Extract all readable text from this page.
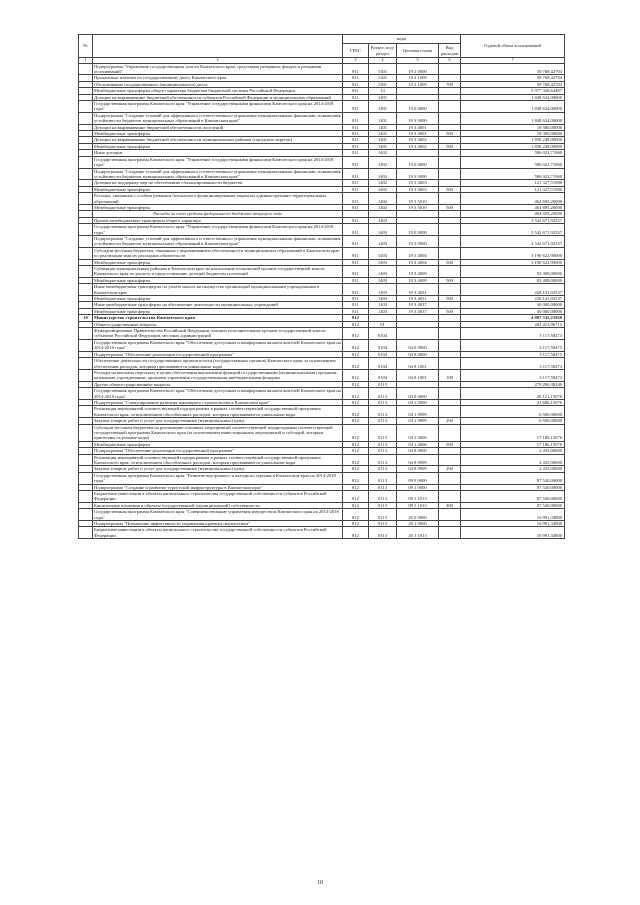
№		коды				Годовой объем ассигнований
		ГРБС	Раздел, под-раздел	Целевая статья	Вид расходов	
1	2	3	4	5	6	7
	Подпрограмма "Управление государственным долгом Камчатского края, средствами резервных фондов и резервами ассигнований"	811	1301	19 2 0000		39 768,42704
	Процентные платежи по государственному долгу Камчатского края	811	1301	19 2 1009		39 768,42704
	Обслуживание государственного (муниципального) долга	811	1301	19 2 1009	700	39 768,42704
	Межбюджетные трансферты общего характера бюджетам бюджетной системы Российской Федерации	811	14			5 977 328,64497
	Дотации на выравнивание бюджетной обеспеченности субъектов Российской Федерации и муниципальных образований	811	1401			1 848 634,00000
	Государственная программа Камчатского края "Управление государственными финансами Камчатского края на 2014-2018 годы"	811	1401	19 0 0000		1 848 634,00000
	Подпрограмма "Создание условий для эффективного и ответственного управления муниципальными финансами, повышения устойчивости бюджетов муниципальных образований в Камчатском крае"	811	1401	19 3 0000		1 848 634,00000
	Дотации на выравнивание бюджетной обеспеченности поселений	811	1401	19 3 4001		18 386,00000
	Межбюджетные трансферты	811	1401	19 3 4001	500	18 386,00000
	Дотации на выравнивание бюджетной обеспеченности муниципальных районов (городских округов)	811	1401	19 3 4002		1 830 248,00000
	Межбюджетные трансферты	811	1401	19 3 4002	500	1 830 248,00000
	Иные дотации	811	1402			586 022,71960
	Государственная программа Камчатского края "Управление государственными финансами Камчатского края на 2014-2018 годы"	811	1402	19 0 0000		586 022,71960
	Подпрограмма "Создание условий для эффективного и ответственного управления муниципальными финансами, повышения устойчивости бюджетов муниципальных образований в Камчатском крае"	811	1402	19 3 0000		586 022,71960
	Дотации на поддержку мер по обеспечению сбалансированности бюджетов	811	1402	19 3 4003		121 327,51980
	Межбюджетные трансферты	811	1402	19 3 4003	500	121 327,51980
	Расходы, связанные с особым режимом безопасного функционирования закрытых административно-территориальных образований	811	1402	19 3 5010		464 695,20000
	Межбюджетные трансферты	811	1402	19 3 5010	500	464 695,20000
	Расходы за счет средств федерального бюджета текущего года					464 695,20000
	Прочие межбюджетные трансферты общего характера	811	1403			3 542 671,92537
	Государственная программа Камчатского края "Управление государственными финансами Камчатского края на 2014-2018 годы"	811	1403	19 0 0000		3 542 671,92537
	Подпрограмма "Создание условий для эффективного и ответственного управления муниципальными финансами, повышения устойчивости бюджетов муниципальных образований в Камчатском крае"	811	1403	19 3 0000		3 542 671,92537
	Субсидии местным бюджетам, связанные с выравниванием обеспеченности муниципальных образований в Камчатском крае по реализации ими их расходных обязательств	811	1403	19 3 4004		3 190 622,90000
	Межбюджетные трансферты	811	1403	19 3 4004	500	3 190 622,90000
	Субвенции муниципальным районам в Камчатском крае на выполнение полномочий органов государственной власти Камчатского края по расчету и предоставлению дотаций бюджетам поселений	811	1403	19 3 4009		83 408,00000
	Межбюджетные трансферты	811	1403	19 3 4009	500	83 408,00000
	Иные межбюджетные трансферты по уплате налога на имущество организаций муниципальными учреждениями в Камчатском крае	811	1403	19 3 4031		228 141,02537
	Межбюджетные трансферты	811	1403	19 3 4031	500	228 141,02537
	Иные межбюджетные трансферты на обеспечение деятельности муниципальных учреждений	811	1403	19 3 4037		40 000,00000
	Межбюджетные трансферты	811	1403	19 3 4037	500	40 000,00000
10	Министерство строительства Камчатского края	812				4 007 535,21930
	Общегосударственные вопросы	812	01			282 413,96713
	Функционирование Правительства Российской Федерации, высших исполнительных органов государственной власти субъектов Российской Федерации, местных администраций	812	0104			3 117,58473
	Государственная программа Камчатского края "Обеспечение доступным и комфортным жильем жителей Камчатского края на 2014-2018 годы"	812	0104	04 0 0000		3 117,58473
	Подпрограмма "Обеспечение реализации государственной программы"	812	0104	04 8 0000		3 117,58473
	Обеспечение деятельности государственных органов власти (государственных органов) Камчатского края, за исключением обеспечения расходов, которым присваиваются уникальные коды	812	0104	04 8 1001		3 117,58473
	Расходы на выплаты персоналу в целях обеспечения выполнения функций государственными (муниципальными) органами, казенными учреждениями, органами управления государственными внебюджетными фондами	812	0104	04 8 1001	100	3 117,58473
	Другие общегосударственные вопросы	812	0113			279 296,38240
	Государственная программа Камчатского края "Обеспечение доступным и комфортным жильем жителей Камчатского края на 2014-2018 годы"	812	0113	04 0 0000		26 121,15076
	Подпрограмма "Стимулирование развития жилищного строительства в Камчатском крае"	812	0113	04 1 0000		23 686,15076
	Реализация мероприятий соответствующей подпрограммы в рамках соответствующей государственной программы Камчатского края, за исключением обособленных расходов, которым присваиваются уникальные коды	812	0113	04 1 0999		6 500,00000
	Закупка товаров, работ и услуг для государственных (муниципальных) нужд	812	0113	04 1 0999	200	6 500,00000
	Субсидии местным бюджетам на реализацию основных мероприятий соответствующей подпрограммы соответствующей государственной программы Камчатского края (за исключением инвестиционных мероприятий и субсидий, которым присвоены отдельные коды)	812	0113	04 1 4006		17 186,15076
	Межбюджетные трансферты	812	0113	04 1 4006	500	17 186,15076
	Подпрограмма "Обеспечение реализации государственной программы"	812	0113	04 8 0000		2 435,00000
	Реализация мероприятий соответствующей подпрограммы в рамках соответствующей государственной программы Камчатского края, за исключением обособленных расходов, которым присваиваются уникальные коды	812	0113	04 8 0999		2 435,00000
	Закупка товаров, работ и услуг для государственных (муниципальных) нужд	812	0113	04 8 0999	200	2 435,00000
	Государственная программа Камчатского края "Развитие внутреннего и въездного туризма в Камчатском крае на 2014-2018 годы"	812	0113	09 0 0000		87 540,00000
	Подпрограмма "Создание и развитие туристской инфраструктуры в Камчатском крае"	812	0113	09 1 0000		87 540,00000
	Бюджетные инвестиции в объекты капитального строительства государственной собственности субъектов Российской Федерации	812	0113	09 1 1013		87 540,00000
	Капитальные вложения в объекты государственной (муниципальной) собственности	812	0113	09 1 1013	400	87 540,00000
	Государственная программа Камчатского края "Совершенствование управления имуществом Камчатского края на 2014-2018 годы"	812	0113	20 0 0000		16 991,34800
	Подпрограмма "Повышение эффективности управления краевым имуществом"	812	0113	20 1 0000		16 991,34800
	Бюджетные инвестиции в объекты капитального строительства государственной собственности субъектов Российской Федерации	812	0113	20 1 1013		16 991,34800
10
